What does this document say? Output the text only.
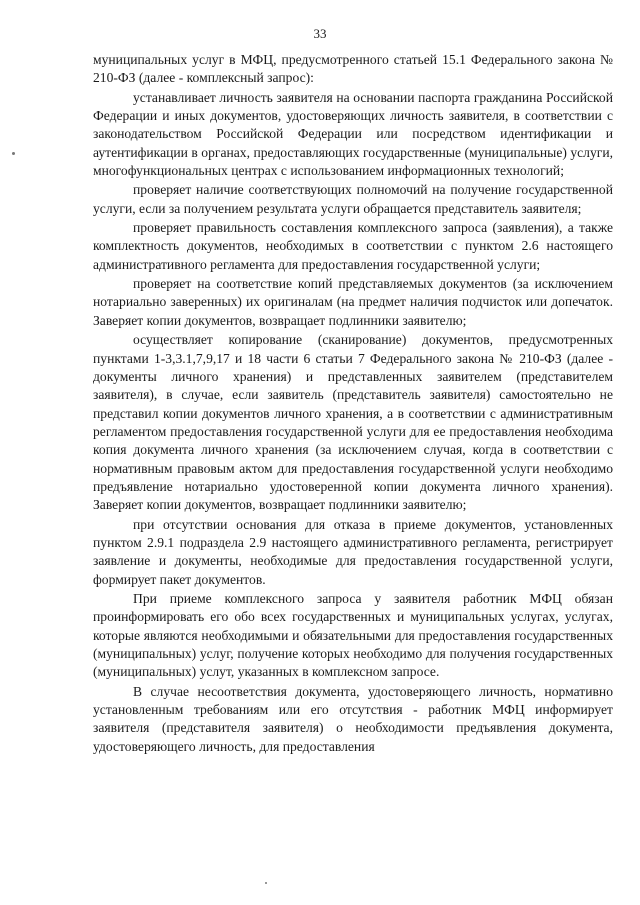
33

муниципальных услуг в МФЦ, предусмотренного статьей 15.1 Федерального закона № 210-ФЗ (далее - комплексный запрос):

устанавливает личность заявителя на основании паспорта гражданина Российской Федерации и иных документов, удостоверяющих личность заявителя, в соответствии с законодательством Российской Федерации или посредством идентификации и аутентификации в органах, предоставляющих государственные (муниципальные) услуги, многофункциональных центрах с использованием информационных технологий;

проверяет наличие соответствующих полномочий на получение государственной услуги, если за получением результата услуги обращается представитель заявителя;

проверяет правильность составления комплексного запроса (заявления), а также комплектность документов, необходимых в соответствии с пунктом 2.6 настоящего административного регламента для предоставления государственной услуги;

проверяет на соответствие копий представляемых документов (за исключением нотариально заверенных) их оригиналам (на предмет наличия подчисток или допечаток. Заверяет копии документов, возвращает подлинники заявителю;

осуществляет копирование (сканирование) документов, предусмотренных пунктами 1-3,3.1,7,9,17 и 18 части 6 статьи 7 Федерального закона № 210-ФЗ (далее - документы личного хранения) и представленных заявителем (представителем заявителя), в случае, если заявитель (представитель заявителя) самостоятельно не представил копии документов личного хранения, а в соответствии с административным регламентом предоставления государственной услуги для ее предоставления необходима копия документа личного хранения (за исключением случая, когда в соответствии с нормативным правовым актом для предоставления государственной услуги необходимо предъявление нотариально удостоверенной копии документа личного хранения). Заверяет копии документов, возвращает подлинники заявителю;

при отсутствии основания для отказа в приеме документов, установленных пунктом 2.9.1 подраздела 2.9 настоящего административного регламента, регистрирует заявление и документы, необходимые для предоставления государственной услуги, формирует пакет документов.

При приеме комплексного запроса у заявителя работник МФЦ обязан проинформировать его обо всех государственных и муниципальных услугах, услугах, которые являются необходимыми и обязательными для предоставления государственных (муниципальных) услуг, получение которых необходимо для получения государственных (муниципальных) услут, указанных в комплексном запросе.

В случае несоответствия документа, удостоверяющего личность, нормативно установленным требованиям или его отсутствия - работник МФЦ информирует заявителя (представителя заявителя) о необходимости предъявления документа, удостоверяющего личность, для предоставления
